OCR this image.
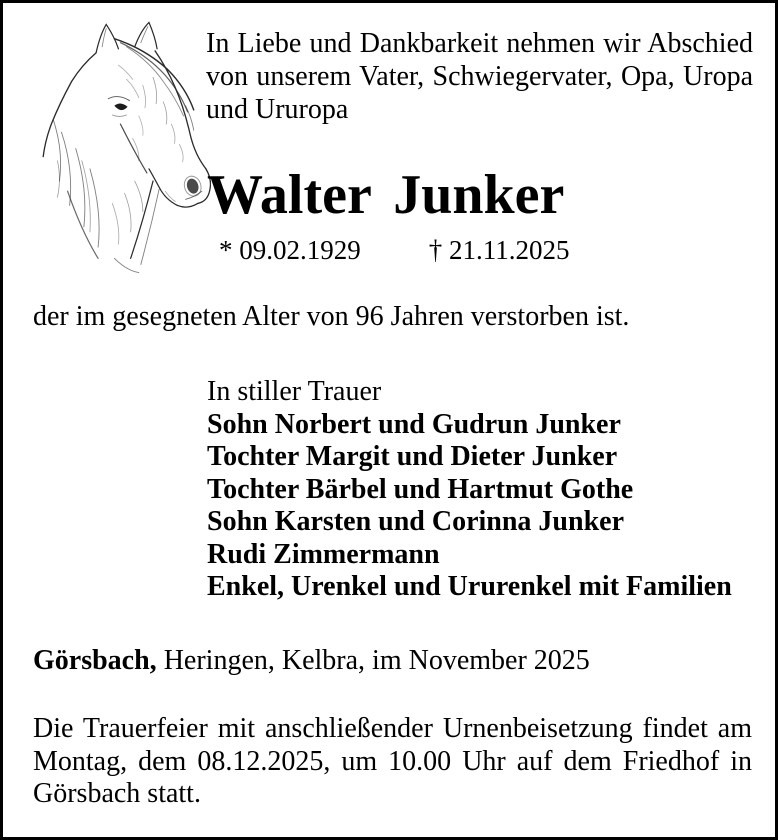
In Liebe und Dankbarkeit nehmen wir Abschied
von unserem Vater, Schwiegervater, Opa, Uropa
und Ururopa
Walter Junker
* 09.02.1929	† 21.11.2025
der im gesegneten Alter von 96 Jahren verstorben ist.
In stiller Trauer
Sohn Norbert und Gudrun Junker
Tochter Margit und Dieter Junker
Tochter Bärbel und Hartmut Gothe
Sohn Karsten und Corinna Junker
Rudi Zimmermann
Enkel, Urenkel und Ururenkel mit Familien
Görsbach, Heringen, Kelbra, im November 2025
Die Trauerfeier mit anschließender Urnenbeisetzung findet am
Montag, dem 08.12.2025, um 10.00 Uhr auf dem Friedhof in
Görsbach statt.
